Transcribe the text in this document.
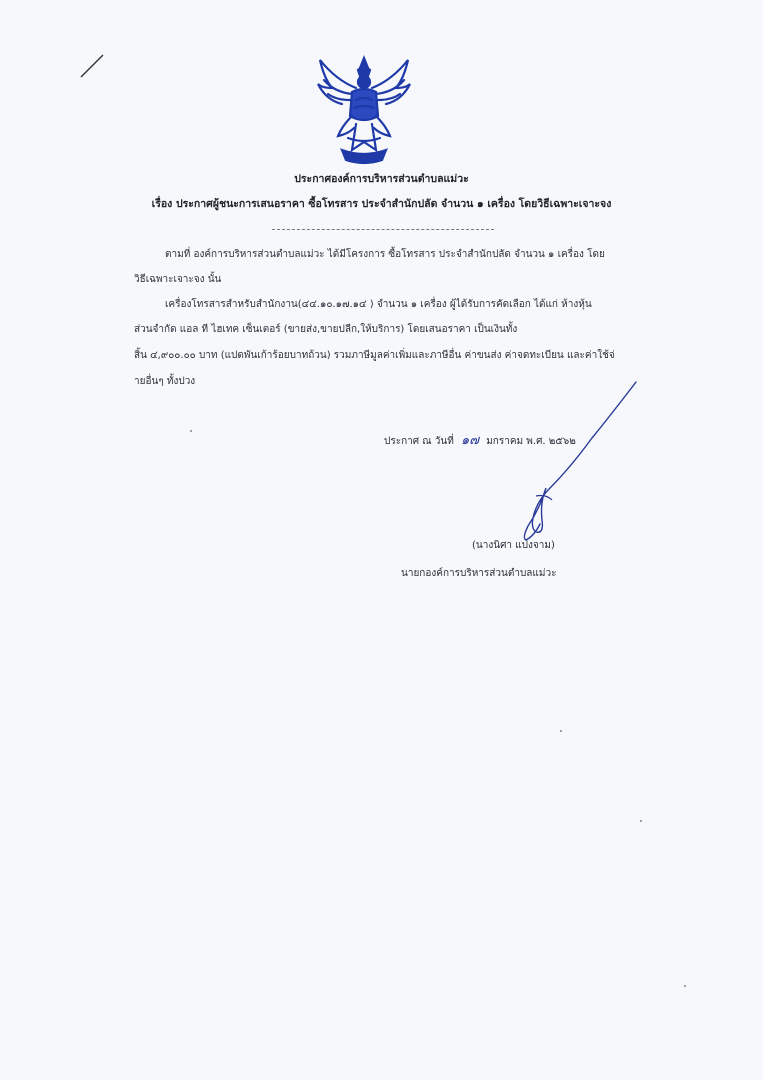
ประกาศองค์การบริหารส่วนตำบลแม่วะ
เรื่อง ประกาศผู้ชนะการเสนอราคา ซื้อโทรสาร ประจำสำนักปลัด จำนวน ๑ เครื่อง โดยวิธีเฉพาะเจาะจง
ตามที่ องค์การบริหารส่วนตำบลแม่วะ ได้มีโครงการ ซื้อโทรสาร ประจำสำนักปลัด จำนวน ๑ เครื่อง โดย
วิธีเฉพาะเจาะจง นั้น
เครื่องโทรสารสำหรับสำนักงาน(๔๔.๑๐.๑๗.๑๔ ) จำนวน ๑ เครื่อง ผู้ได้รับการคัดเลือก ได้แก่ ห้างหุ้น
ส่วนจำกัด แอล ที ไฮเทค เซ็นเตอร์ (ขายส่ง,ขายปลีก,ให้บริการ) โดยเสนอราคา เป็นเงินทั้ง
สิ้น ๔,๙๐๐.๐๐ บาท (แปดพันเก้าร้อยบาทถ้วน) รวมภาษีมูลค่าเพิ่มและภาษีอื่น ค่าขนส่ง ค่าจดทะเบียน และค่าใช้จ่
ายอื่นๆ ทั้งปวง
ประกาศ ณ วันที่ ๑๗ มกราคม พ.ศ. ๒๕๖๒
(นางนิศา แปงจาม)
นายกองค์การบริหารส่วนตำบลแม่วะ
